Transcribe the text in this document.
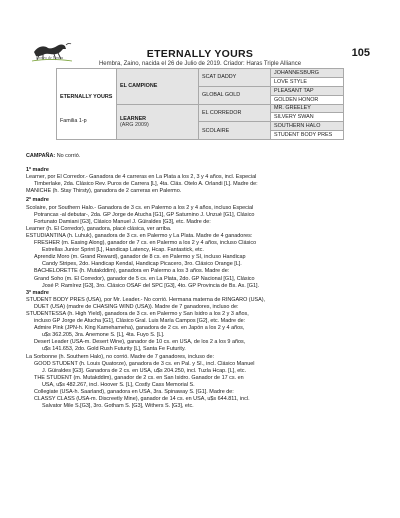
Centro de Ventas	ETERNALLY YOURS	105
Hembra, Zaino, nacida el 26 de Julio de 2019. Criador: Haras Triple Alliance
ETERNALLY YOURS
Familia 1-p	EL CAMPIONE	SCAT DADDY	JOHANNESBURG
			LOVE STYLE
		GLOBAL GOLD	PLEASANT TAP
			GOLDEN HONOR

	LEARNER
(ARG 2009)	EL CORREDOR	MR. GREELEY
			SILVERY SWAN
		SCOLAIRE	SOUTHERN HALO
			STUDENT BODY PRES

CAMPAÑA: No corrió.

1ª madre

Learner, por El Corredor.- Ganadora de 4 carreras en La Plata a los 2, 3 y 4 años, incl. Especial

Timberlake, 2da. Clásico Rev. Puros de Carrera [L], 4ta. Clás. Otelo A. Orlandi [L]. Madre de:

MANICHE (h. Stay Thirsty), ganadora de 2 carreras en Palermo.

2ª madre

Scolaire, por Southern Halo.- Ganadora de 3 cs. en Palermo a los 2 y 4 años, incluso Especial

Potrancas -al debutar-, 2da. GP Jorge de Atucha [G1], GP Saturnino J. Unzué [G1], Clásico

Fortunato Damiani [G3], Clásico Manuel J. Güiraldes [G3], etc. Madre de:

Learner (h. El Corredor), ganadora, placé clásica, ver arriba.

ESTUDIANTINA (h. Luhuk), ganadora de 3 cs. en Palermo y La Plata. Madre de 4 ganadores:

FRESHER (m. Easing Along), ganador de 7 cs. en Palermo a los 2 y 4 años, incluso Clásico

Estrellas Junior Sprint [L], Handicap Latency, Hcap. Fantastick, etc.

Aprendiz Moro (m. Grand Reward), ganador de 8 cs. en Palermo y SI, incluso Handicap

Candy Stripes, 2do. Handicap Kendal, Handicap Picacero, 3ro. Clásico Orange [L].

BACHELORETTE (h. Mutakddim), ganadora en Palermo a los 3 años. Madre de:

Grand Soho (m. El Corredor), ganador de 5 cs. en La Plata, 2do. GP Nacional [G1], Clásico

José P. Ramírez [G3], 3ro. Clásico OSAF del SPC [G3], 4to. GP Provincia de Bs. As. [G1].

3ª madre

STUDENT BODY PRES (USA), por Mr. Leader.- No corrió. Hermana materna de RINGARO (USA),

DUET (USA) (madre de CHASING WIND (USA)). Madre de 7 ganadores, incluso de:

STUDENTESSA (h. High Yield), ganadora de 3 cs. en Palermo y San Isidro a los 2 y 3 años,

incluso GP Jorge de Atucha [G1], Clásico Gral. Luis María Campos [G2], etc. Madre de:

Admire Pink (JPN-h. King Kamehameha), ganadora de 2 cs. en Japón a los 2 y 4 años,

u$s 362.205, 3ra. Anemone S. [L], 4ta. Fuyo S. [L].

Desert Leader (USA-m. Desert Wine), ganador de 10 cs. en USA, de los 2 a los 9 años,

u$s 141.653, 2do. Gold Rush Futurity [L], Santa Fe Futurity.

La Sorbonne (h. Southern Halo), no corrió. Madre de 7 ganadores, incluso de:

GOOD STUDENT (h. Louis Quatorze), ganadora de 3 cs. en Pal. y SI., incl. Clásico Manuel

J. Güiraldes [G3]. Ganadora de 2 cs. en USA, u$s 204.250, incl. Tuzla Hcap. [L], etc.

THE STUDENT (m. Mutakddim), ganador de 2 cs. en San Isidro. Ganador de 17 cs. en

USA, u$s 482.267, incl. Hoover S. [L], Costly Cass Memorial S.

Collegiate (USA-h. Saarland), ganadora en USA, 3ra. Spinaway S. [G1]. Madre de:

CLASSY CLASS (USA-m. Discreetly Mine), ganador de 14 cs. en USA, u$s 644.811, incl.

Salvator Mile S.[G3], 3ro. Gotham S. [G3], Withers S. [G3], etc.
